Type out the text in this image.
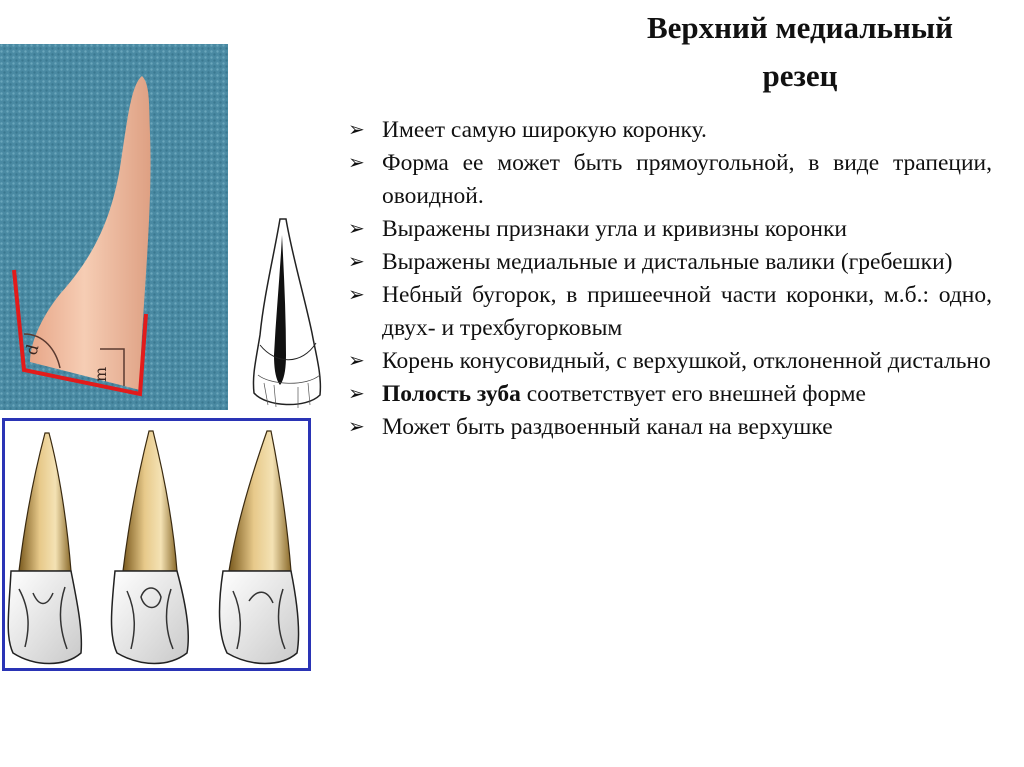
Верхний медиальный
резец
➢ Имеет самую широкую коронку.
➢ Форма ее может быть прямоугольной, в виде трапеции, овоидной.
➢ Выражены признаки угла и кривизны коронки
➢ Выражены медиальные и дистальные валики (гребешки)
➢ Небный бугорок, в пришеечной части коронки, м.б.: одно, двух- и трехбугорковым
➢ Корень конусовидный, с верхушкой, отклоненной дистально
➢ Полость зуба соответствует его внешней форме
➢ Может быть раздвоенный канал на верхушке
d
m
